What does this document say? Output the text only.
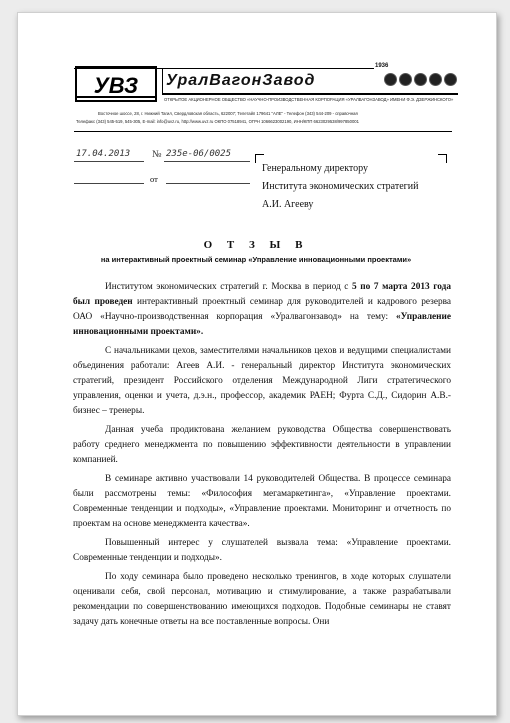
УВЗ УралВагонЗавод
1936
ОТКРЫТОЕ АКЦИОНЕРНОЕ ОБЩЕСТВО «НАУЧНО-ПРОИЗВОДСТВЕННАЯ КОРПОРАЦИЯ «УРАЛВАГОНЗАВОД» ИМЕНИ Ф.Э. ДЗЕРЖИНСКОГО»
Восточное шоссе, 28, г. Нижний Тагил, Свердловская область, 622007; Телетайп 179641 "АЛЕ" - Телефон (343) 544-209 - справочная
Телефакс (343) 545-519, 545-305, E-mail: info@uvz.ru, http://www.uvz.ru ОКПО 07518941, ОГРН 1066623002190, ИНН/КПП 6623029538/997850001
17.04.2013 № 235е-06/0025
от
Генеральному директору
Института экономических стратегий
А.И. Агееву
О Т З Ы В
на интерактивный проектный семинар «Управление инновационными проектами»

Институтом экономических стратегий г. Москва в период с 5 по 7 марта 2013 года был проведен интерактивный проектный семинар для руководителей и кадрового резерва ОАО «Научно-производственная корпорация «Уралвагонзавод» на тему: «Управление инновационными проектами».

С начальниками цехов, заместителями начальников цехов и ведущими специалистами объединения работали: Агеев А.И. - генеральный директор Института экономических стратегий, президент Российского отделения Международной Лиги стратегического управления, оценки и учета, д.э.н., профессор, академик РАЕН; Фурта С.Д., Сидорин А.В.- бизнес – тренеры.

Данная учеба продиктована желанием руководства Общества совершенствовать работу среднего менеджмента по повышению эффективности деятельности в управлении компанией.

В семинаре активно участвовали 14 руководителей Общества. В процессе семинара были рассмотрены темы: «Философия мегамаркетинга», «Управление проектами. Современные тенденции и подходы», «Управление проектами. Мониторинг и отчетность по проектам на основе менеджмента качества».

Повышенный интерес у слушателей вызвала тема: «Управление проектами. Современные тенденции и подходы».

По ходу семинара было проведено несколько тренингов, в ходе которых слушатели оценивали себя, свой персонал, мотивацию и стимулирование, а также разрабатывали рекомендации по совершенствованию имеющихся подходов. Подобные семинары не ставят задачу дать конечные ответы на все поставленные вопросы. Они
